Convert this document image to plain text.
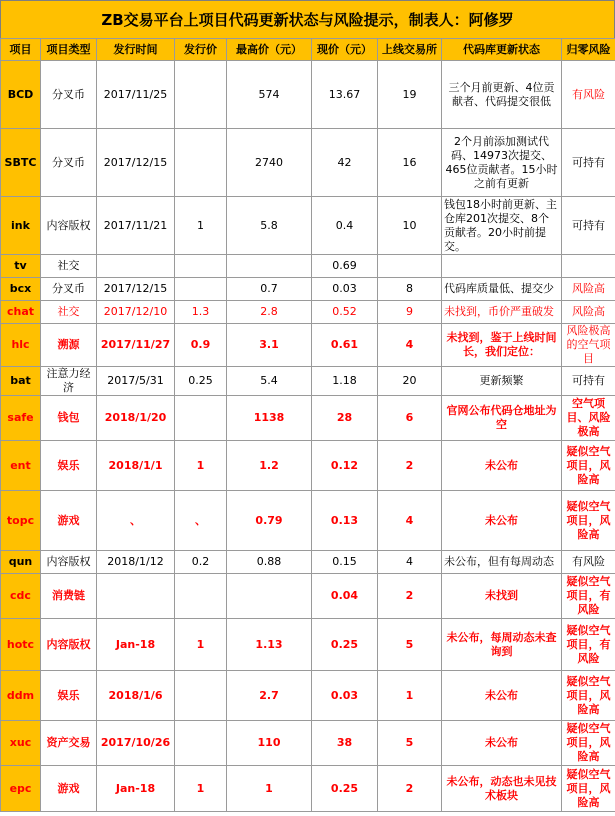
ZB交易平台上项目代码更新状态与风险提示，制表人：阿修罗
项目	项目类型	发行时间	发行价	最高价（元）	现价（元）	上线交易所	代码库更新状态	归零风险
BCD	分叉币	2017/11/25		574	13.67	19	三个月前更新、4位贡献者、代码提交很低	有风险
SBTC	分叉币	2017/12/15		2740	42	16	2个月前添加测试代码、14973次提交、465位贡献者。15小时之前有更新	可持有
ink	内容版权	2017/11/21	1	5.8	0.4	10	钱包18小时前更新、主仓库201次提交、8个贡献者。20小时前提交。	可持有
tv	社交				0.69			
bcx	分叉币	2017/12/15		0.7	0.03	8	代码库质量低、提交少	风险高
chat	社交	2017/12/10	1.3	2.8	0.52	9	未找到，币价严重破发	风险高
hlc	溯源	2017/11/27	0.9	3.1	0.61	4	未找到，鉴于上线时间长，我们定位：	风险极高的空气项目
bat	注意力经济	2017/5/31	0.25	5.4	1.18	20	更新频繁	可持有
safe	钱包	2018/1/20		1138	28	6	官网公布代码仓地址为空	空气项目、风险极高
ent	娱乐	2018/1/1	1	1.2	0.12	2	未公布	疑似空气项目，风险高
topc	游戏	、	、	0.79	0.13	4	未公布	疑似空气项目，风险高
qun	内容版权	2018/1/12	0.2	0.88	0.15	4	未公布，但有每周动态	有风险
cdc	消费链				0.04	2	未找到	疑似空气项目，有风险
hotc	内容版权	Jan-18	1	1.13	0.25	5	未公布，每周动态未查询到	疑似空气项目，有风险
ddm	娱乐	2018/1/6		2.7	0.03	1	未公布	疑似空气项目，风险高
xuc	资产交易	2017/10/26		110	38	5	未公布	疑似空气项目，风险高
epc	游戏	Jan-18	1	1	0.25	2	未公布，动态也未见技术板块	疑似空气项目，风险高
